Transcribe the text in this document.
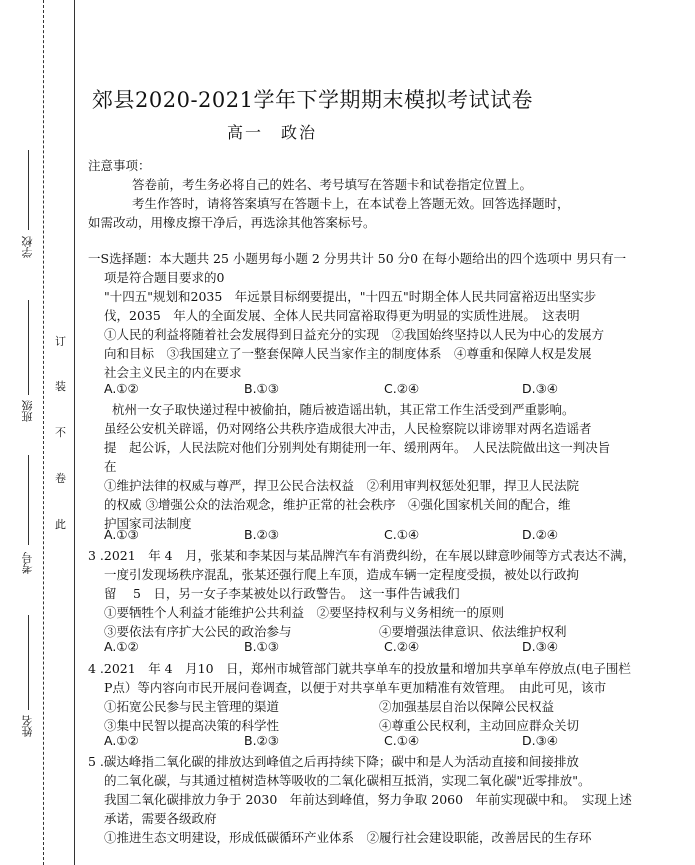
学校
班级
考号
姓名
订
装
不
卷
此
郊县2020-2021学年下学期期末模拟考试试卷
高一　政治
注意事项：
答卷前，考生务必将自己的姓名、考号填写在答题卡和试卷指定位置上。
考生作答时，请将答案填写在答题卡上，在本试卷上答题无效。回答选择题时，
如需改动，用橡皮擦干净后，再选涂其他答案标号。
一S选择题：本大题共 25 小题男每小题 2 分男共计 50 分0 在每小题给出的四个选项中 男只有一
项是符合题目要求的0
"十四五"规划和2035　年远景目标纲要提出，"十四五"时期全体人民共同富裕迈出坚实步
伐，2035　年人的全面发展、全体人民共同富裕取得更为明显的实质性进展。　这表明
①人民的利益将随着社会发展得到日益充分的实现　②我国始终坚持以人民为中心的发展方
向和目标　③我国建立了一整套保障人民当家作主的制度体系　④尊重和保障人权是发展
社会主义民主的内在要求
A.①②	B.①③	C.②④	D.③④
杭州一女子取快递过程中被偷拍，随后被造谣出轨，其正常工作生活受到严重影响。
虽经公安机关辟谣，仍对网络公共秩序造成很大冲击，人民检察院以诽谤罪对两名造谣者
提　起公诉，人民法院对他们分别判处有期徒刑一年、缓刑两年。　人民法院做出这一判决旨
在
①维护法律的权威与尊严，捍卫公民合法权益　②利用审判权惩处犯罪，捍卫人民法院
的权威 ③增强公众的法治观念，维护正常的社会秩序　④强化国家机关间的配合，维
护国家司法制度
A.①③	B.②③	C.①④	D.②④
3 .2021　年 4　月，张某和李某因与某品牌汽车有消费纠纷，在车展以肆意吵闹等方式表达不满，
一度引发现场秩序混乱，张某还强行爬上车顶，造成车辆一定程度受损，被处以行政拘
留　 5　日，另一女子李某被处以行政警告。　这一事件告诫我们
①要牺牲个人利益才能维护公共利益　②要坚持权利与义务相统一的原则
③要依法有序扩大公民的政治参与　　　　　　　④要增强法律意识、依法维护权利
A.①②	B.①③	C.②④	D.③④
4 .2021　年 4　月10　日，郑州市城管部门就共享单车的投放量和增加共享单车停放点(电子围栏
P点）等内容向市民开展问卷调查，以便于对共享单车更加精准有效管理。　由此可见，该市
①拓宽公民参与民主管理的渠道　　　　　　　　②加强基层自治以保障公民权益
③集中民智以提高决策的科学性　　　　　　　　④尊重公民权利，主动回应群众关切
A.①②	B.②③	C.①④	D.③④
5 .碳达峰指二氧化碳的排放达到峰值之后再持续下降；碳中和是人为活动直接和间接排放
的二氧化碳，与其通过植树造林等吸收的二氧化碳相互抵消，实现二氧化碳"近零排放"。
我国二氧化碳排放力争于 2030　年前达到峰值，努力争取 2060　年前实现碳中和。　实现上述
承诺，需要各级政府
①推进生态文明建设，形成低碳循环产业体系　②履行社会建设职能，改善居民的生存环
